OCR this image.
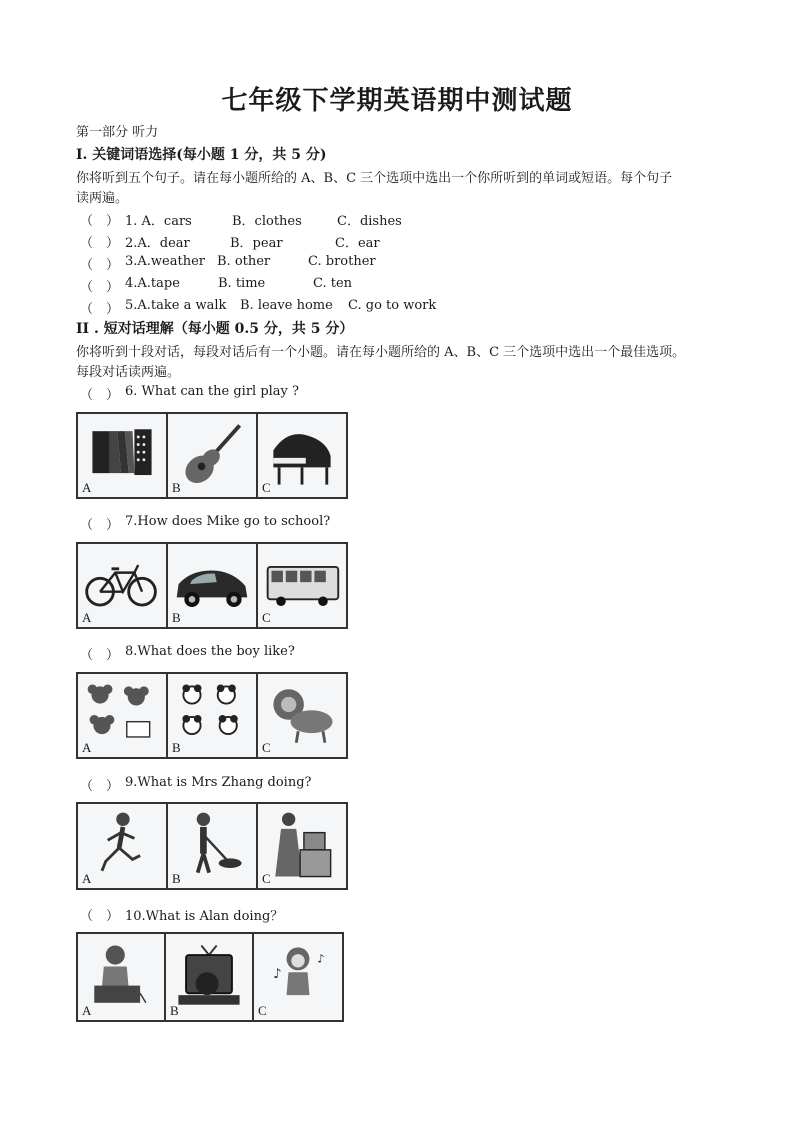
七年级下学期英语期中测试题
第一部分 听力
I. 关键词语选择(每小题 1 分，共 5 分)
你将听到五个句子。请在每小题所给的 A、B、C 三个选项中选出一个你所听到的单词或短语。每个句子
读两遍。
（　） 1. A．cars	B．clothes	C．dishes
（　） 2.A．dear	B．pear	C．ear
（　） 3.A.weather B. other	C. brother
（　） 4.A.tape	B. time	C. ten
（　） 5.A.take a walk B. leave home C. go to work
II . 短对话理解（每小题 0.5 分，共 5 分）
你将听到十段对话，每段对话后有一个小题。请在每小题所给的 A、B、C 三个选项中选出一个最佳选项。
每段对话读两遍。
（　） 6. What can the girl play ?
A	B	C
（　） 7.How does Mike go to school?
A	B	C
（　） 8.What does the boy like?
A	B	C
（　） 9.What is Mrs Zhang doing?
A	B	C
（　） 10.What is Alan doing？
A	B
♪
♪
C
